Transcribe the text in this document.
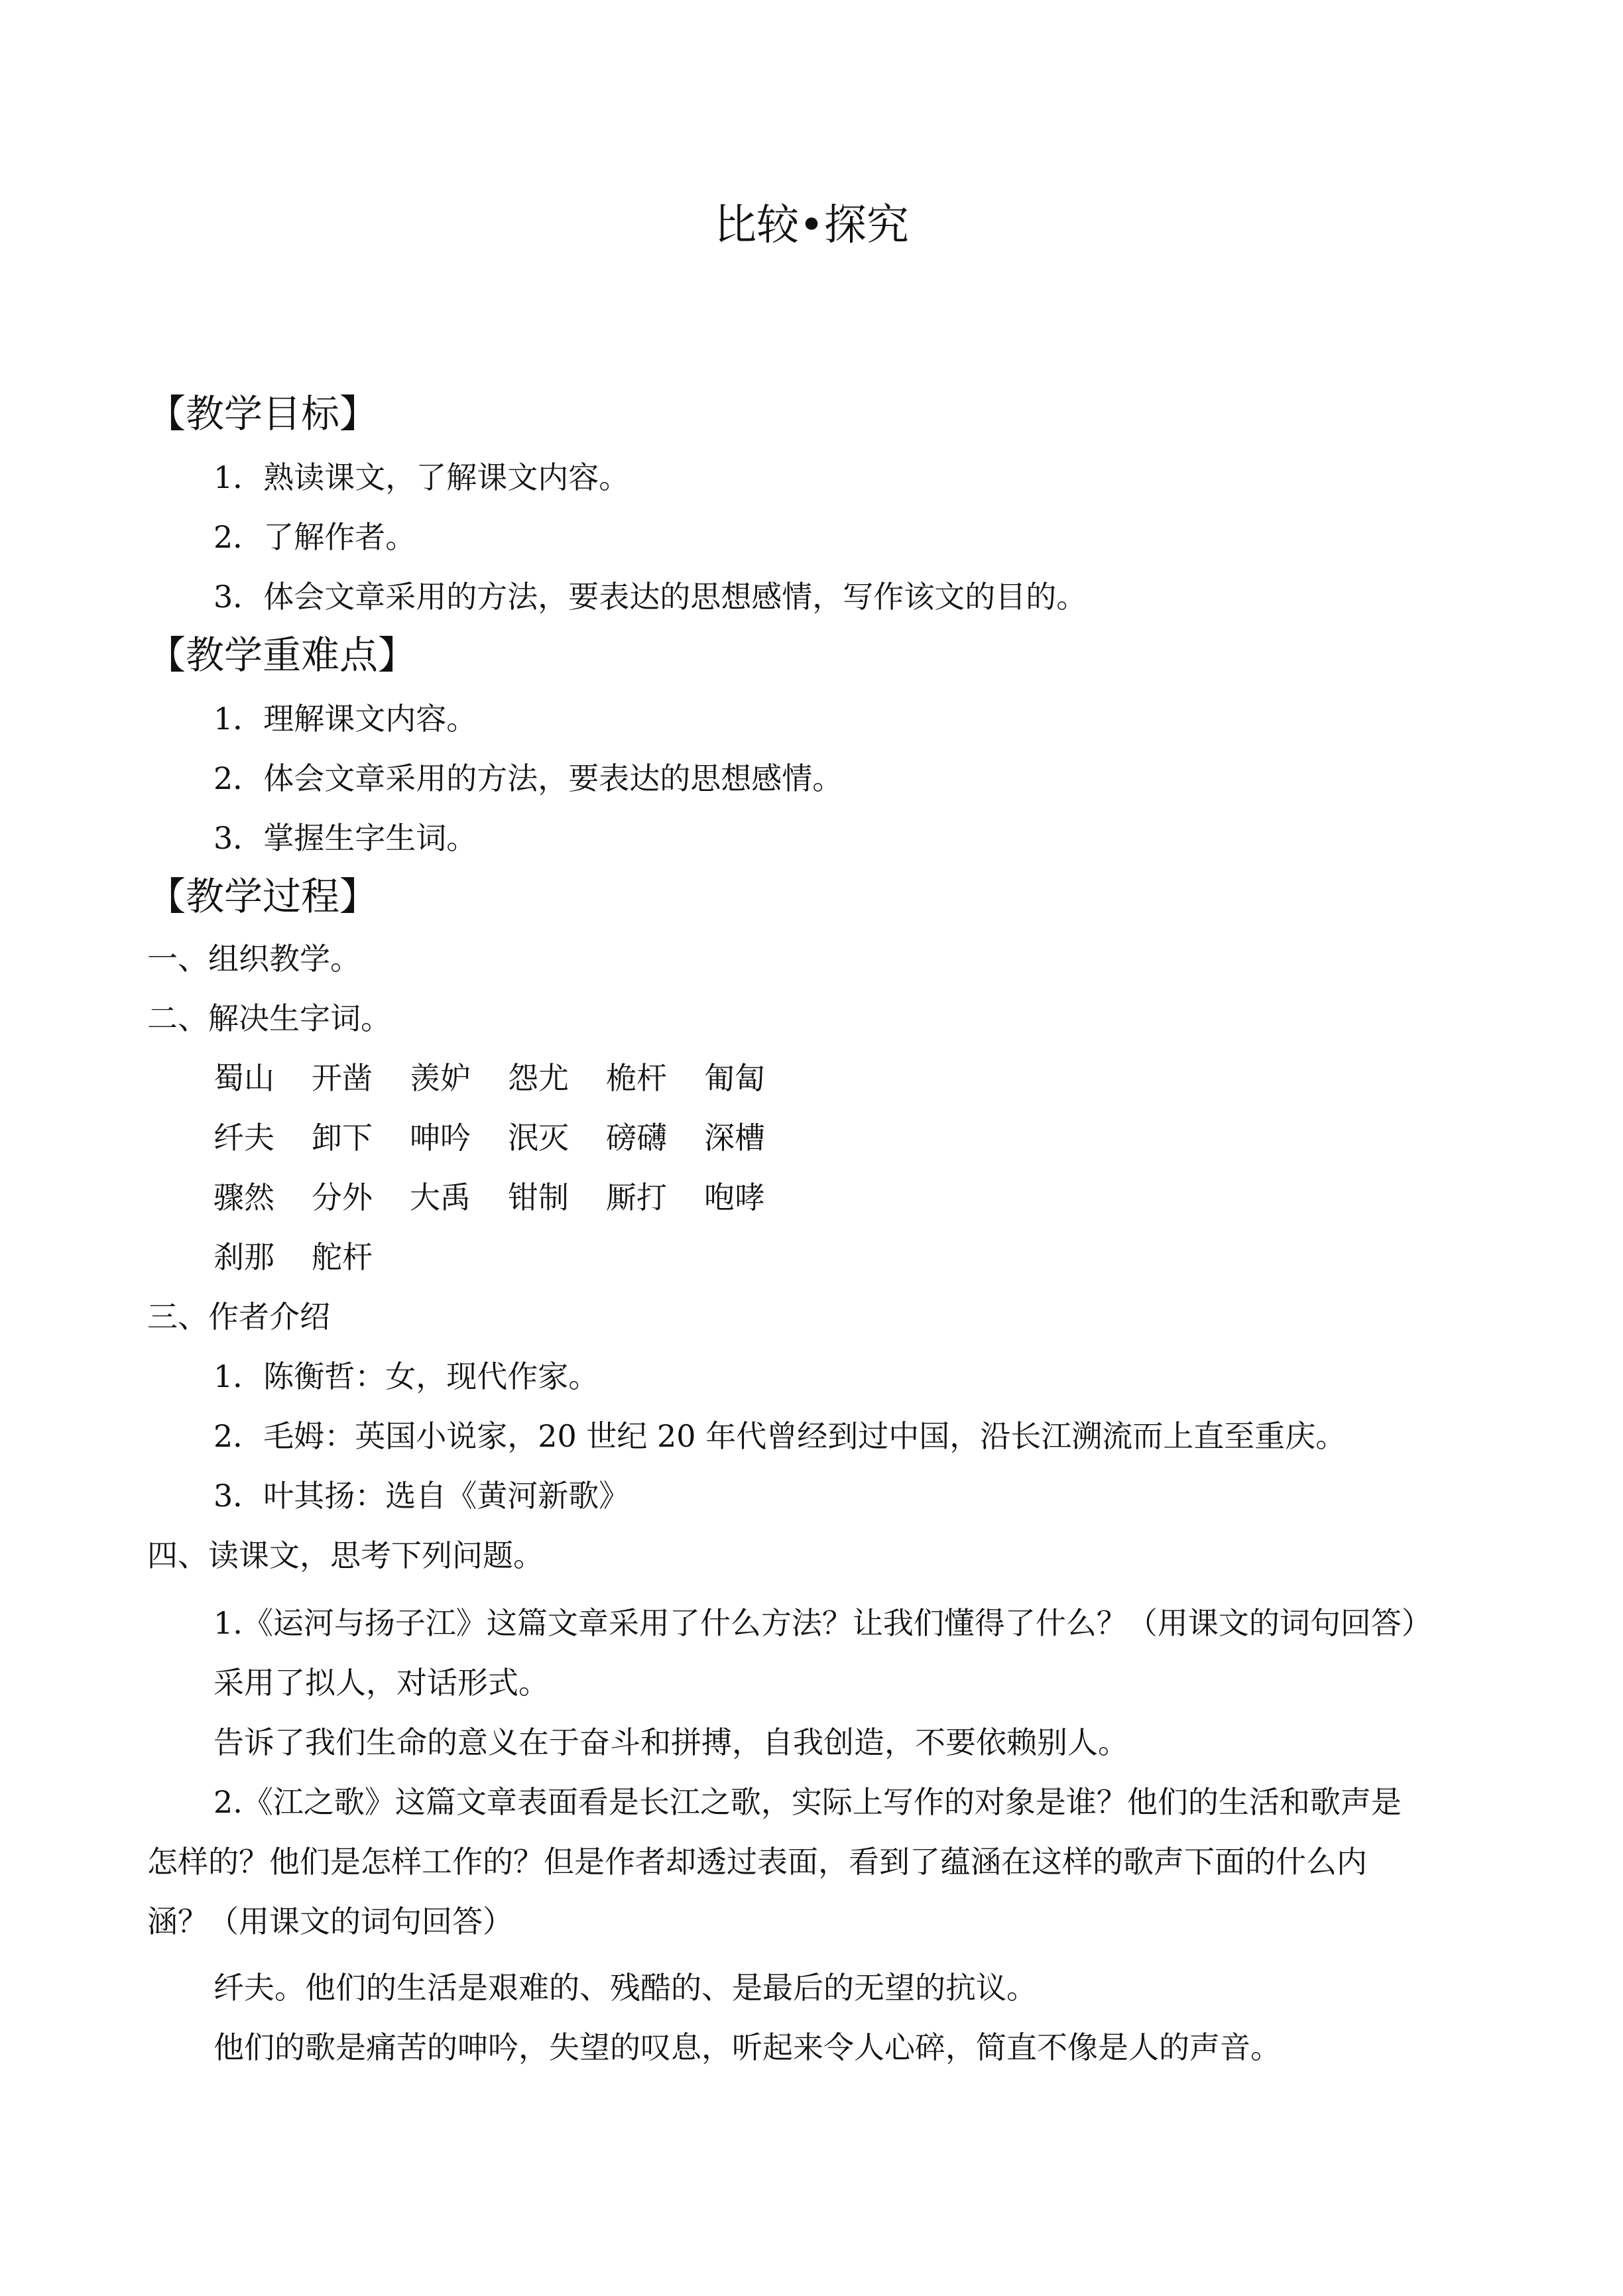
比较•探究
【教学目标】
1．熟读课文，了解课文内容。
2．了解作者。
3．体会文章采用的方法，要表达的思想感情，写作该文的目的。
【教学重难点】
1．理解课文内容。
2．体会文章采用的方法，要表达的思想感情。
3．掌握生字生词。
【教学过程】
一、组织教学。
二、解决生字词。
蜀山 开凿 羡妒 怨尤 桅杆 匍匐
纤夫 卸下 呻吟 泯灭 磅礴 深槽
骤然 分外 大禹 钳制 厮打 咆哮
刹那 舵杆
三、作者介绍
1．陈衡哲：女，现代作家。
2．毛姆：英国小说家，20 世纪 20 年代曾经到过中国，沿长江溯流而上直至重庆。
3．叶其扬：选自《黄河新歌》
四、读课文，思考下列问题。
1.《运河与扬子江》这篇文章采用了什么方法？让我们懂得了什么？（用课文的词句回答）
采用了拟人，对话形式。
告诉了我们生命的意义在于奋斗和拼搏，自我创造，不要依赖别人。
2.《江之歌》这篇文章表面看是长江之歌，实际上写作的对象是谁？他们的生活和歌声是
怎样的？他们是怎样工作的？但是作者却透过表面，看到了蕴涵在这样的歌声下面的什么内
涵？（用课文的词句回答）
纤夫。他们的生活是艰难的、残酷的、是最后的无望的抗议。
他们的歌是痛苦的呻吟，失望的叹息，听起来令人心碎，简直不像是人的声音。
